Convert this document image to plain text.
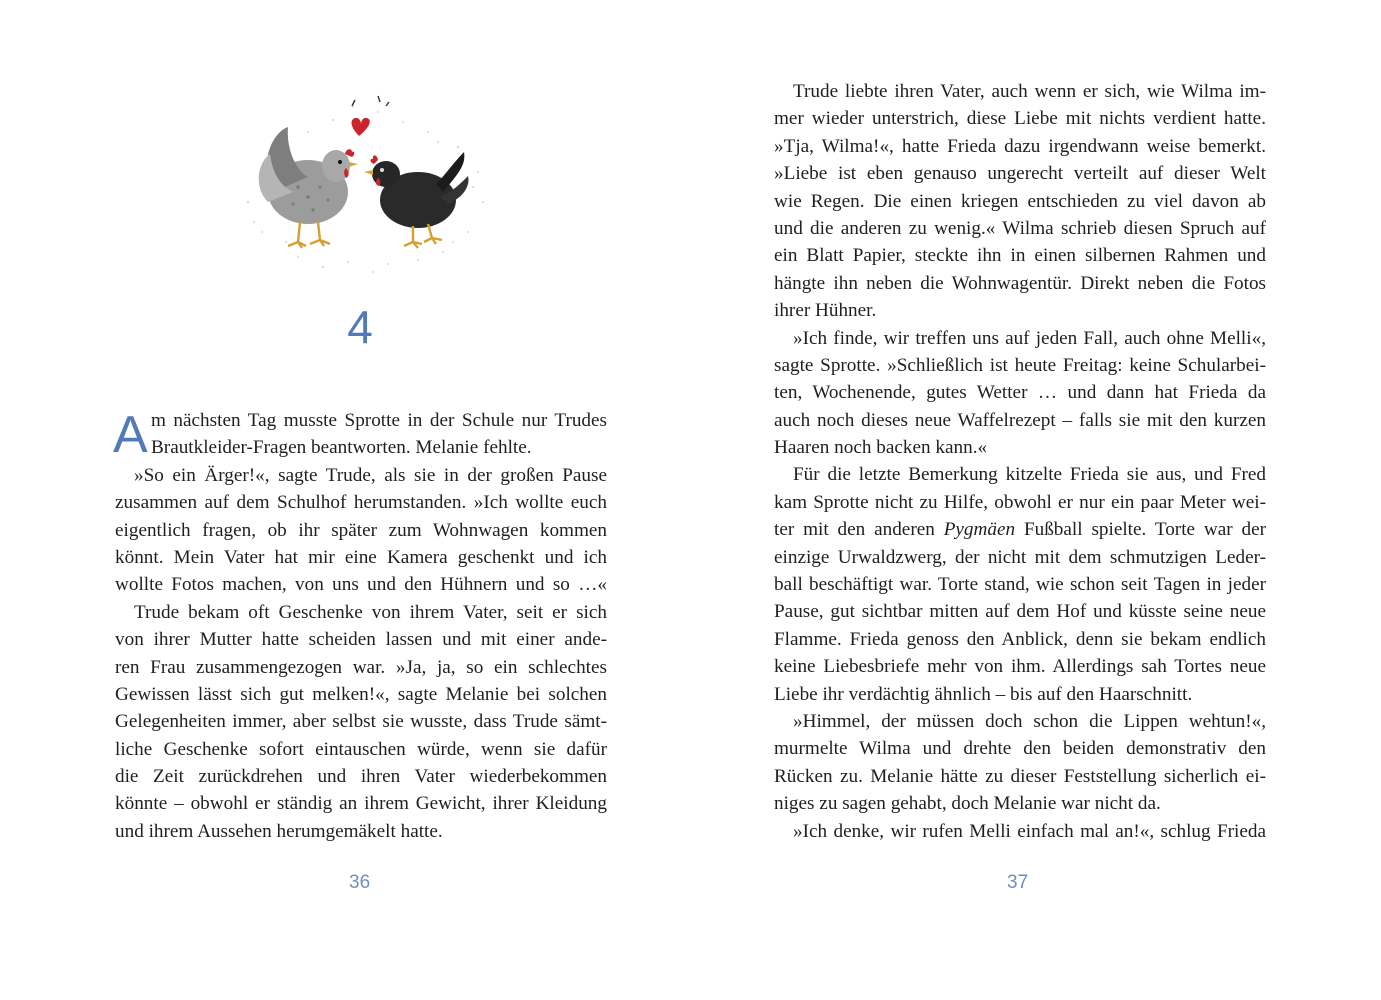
4
A m nächsten Tag musste Sprotte in der Schule nur Trudes
Brautkleider-Fragen beantworten. Melanie fehlte.
»So ein Ärger!«, sagte Trude, als sie in der großen Pause
zusammen auf dem Schulhof herumstanden. »Ich wollte euch
eigentlich fragen, ob ihr später zum Wohnwagen kommen
könnt. Mein Vater hat mir eine Kamera geschenkt und ich
wollte Fotos machen, von uns und den Hühnern und so …«
Trude bekam oft Geschenke von ihrem Vater, seit er sich
von ihrer Mutter hatte scheiden lassen und mit einer ande-
ren Frau zusammengezogen war. »Ja, ja, so ein schlechtes
Gewissen lässt sich gut melken!«, sagte Melanie bei solchen
Gelegenheiten immer, aber selbst sie wusste, dass Trude sämt-
liche Geschenke sofort eintauschen würde, wenn sie dafür
die Zeit zurückdrehen und ihren Vater wiederbekommen
könnte – obwohl er ständig an ihrem Gewicht, ihrer Kleidung
und ihrem Aussehen herumgemäkelt hatte.
36
Trude liebte ihren Vater, auch wenn er sich, wie Wilma im-
mer wieder unterstrich, diese Liebe mit nichts verdient hatte.
»Tja, Wilma!«, hatte Frieda dazu irgendwann weise bemerkt.
»Liebe ist eben genauso ungerecht verteilt auf dieser Welt
wie Regen. Die einen kriegen entschieden zu viel davon ab
und die anderen zu wenig.« Wilma schrieb diesen Spruch auf
ein Blatt Papier, steckte ihn in einen silbernen Rahmen und
hängte ihn neben die Wohnwagentür. Direkt neben die Fotos
ihrer Hühner.
»Ich finde, wir treffen uns auf jeden Fall, auch ohne Melli«,
sagte Sprotte. »Schließlich ist heute Freitag: keine Schularbei-
ten, Wochenende, gutes Wetter … und dann hat Frieda da
auch noch dieses neue Waffelrezept – falls sie mit den kurzen
Haaren noch backen kann.«
Für die letzte Bemerkung kitzelte Frieda sie aus, und Fred
kam Sprotte nicht zu Hilfe, obwohl er nur ein paar Meter wei-
ter mit den anderen Pygmäen Fußball spielte. Torte war der
einzige Urwaldzwerg, der nicht mit dem schmutzigen Leder-
ball beschäftigt war. Torte stand, wie schon seit Tagen in jeder
Pause, gut sichtbar mitten auf dem Hof und küsste seine neue
Flamme. Frieda genoss den Anblick, denn sie bekam endlich
keine Liebesbriefe mehr von ihm. Allerdings sah Tortes neue
Liebe ihr verdächtig ähnlich – bis auf den Haarschnitt.
»Himmel, der müssen doch schon die Lippen wehtun!«,
murmelte Wilma und drehte den beiden demonstrativ den
Rücken zu. Melanie hätte zu dieser Feststellung sicherlich ei-
niges zu sagen gehabt, doch Melanie war nicht da.
»Ich denke, wir rufen Melli einfach mal an!«, schlug Frieda
37
